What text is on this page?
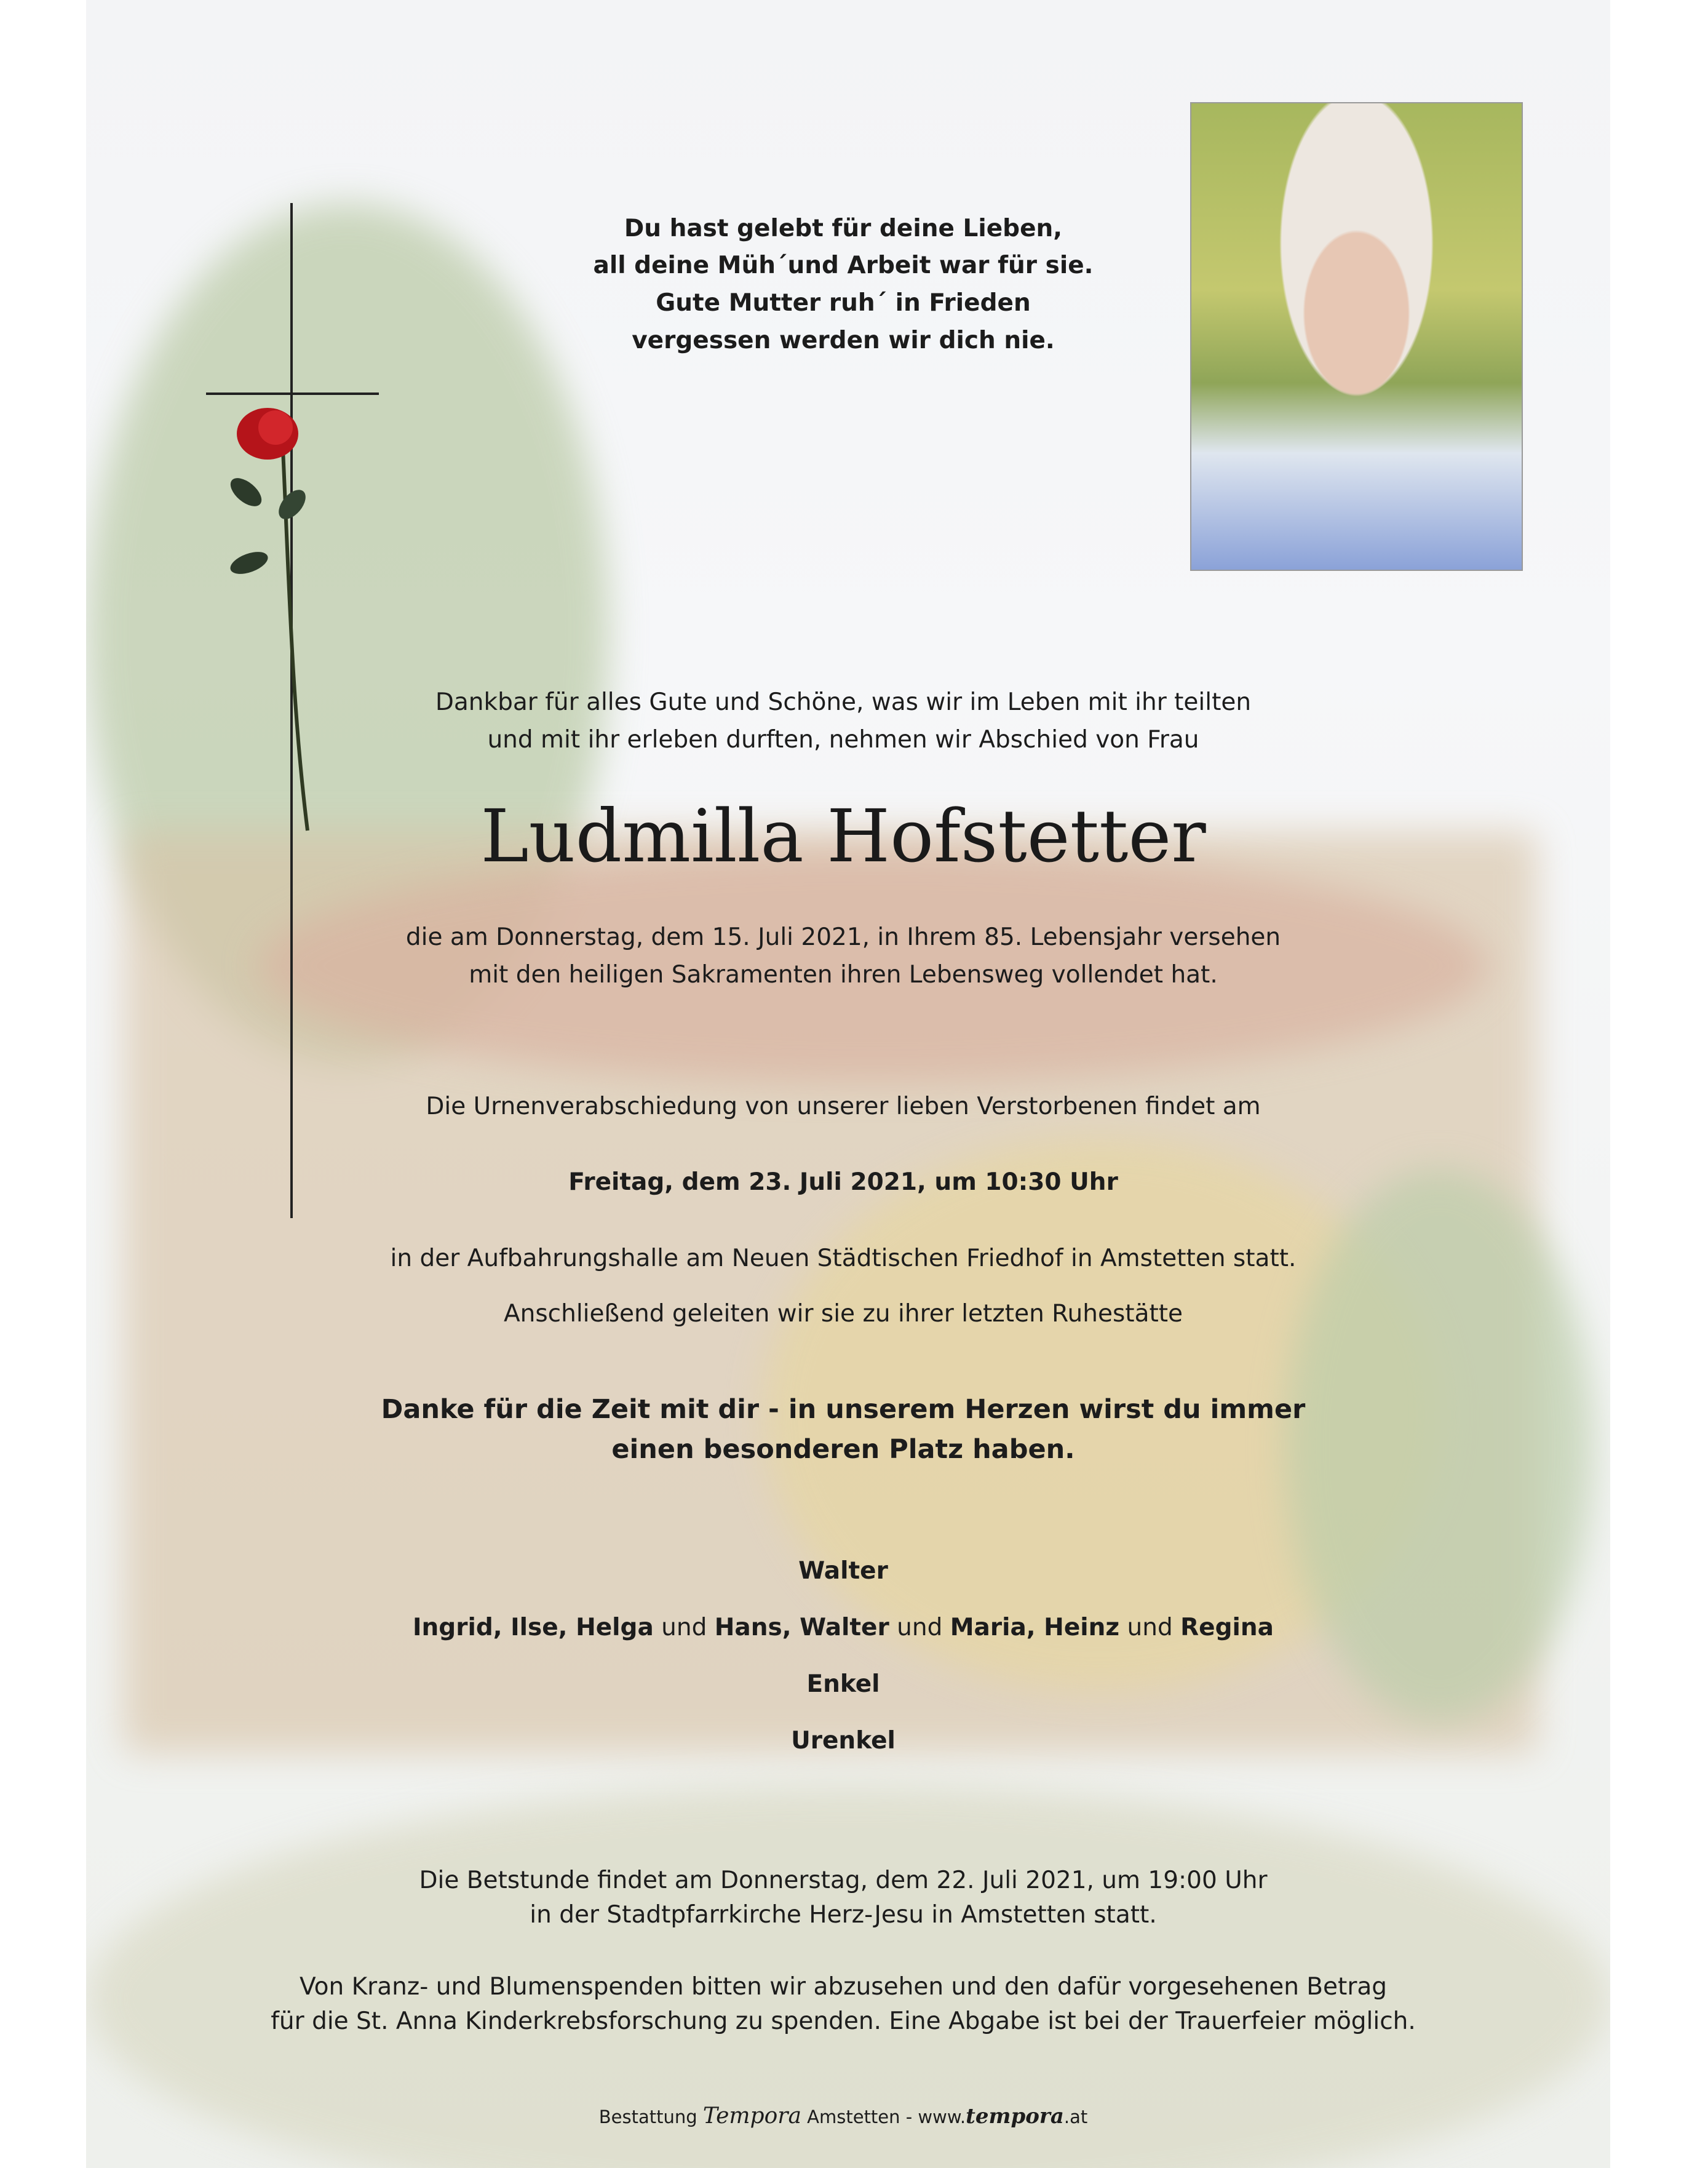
Du hast gelebt für deine Lieben,
all deine Müh´und Arbeit war für sie.
Gute Mutter ruh´ in Frieden
vergessen werden wir dich nie.
Dankbar für alles Gute und Schöne, was wir im Leben mit ihr teilten
und mit ihr erleben durften, nehmen wir Abschied von Frau
Ludmilla Hofstetter
die am Donnerstag, dem 15. Juli 2021, in Ihrem 85. Lebensjahr versehen
mit den heiligen Sakramenten ihren Lebensweg vollendet hat.
Die Urnenverabschiedung von unserer lieben Verstorbenen findet am
Freitag, dem 23. Juli 2021, um 10:30 Uhr
in der Aufbahrungshalle am Neuen Städtischen Friedhof in Amstetten statt.
Anschließend geleiten wir sie zu ihrer letzten Ruhestätte
Danke für die Zeit mit dir - in unserem Herzen wirst du immer
einen besonderen Platz haben.
Walter
Ingrid, Ilse, Helga und Hans, Walter und Maria, Heinz und Regina
Enkel
Urenkel
Die Betstunde findet am Donnerstag, dem 22. Juli 2021, um 19:00 Uhr
in der Stadtpfarrkirche Herz-Jesu in Amstetten statt.
Von Kranz- und Blumenspenden bitten wir abzusehen und den dafür vorgesehenen Betrag
für die St. Anna Kinderkrebsforschung zu spenden. Eine Abgabe ist bei der Trauerfeier möglich.
Bestattung Tempora Amstetten - www.tempora.at
